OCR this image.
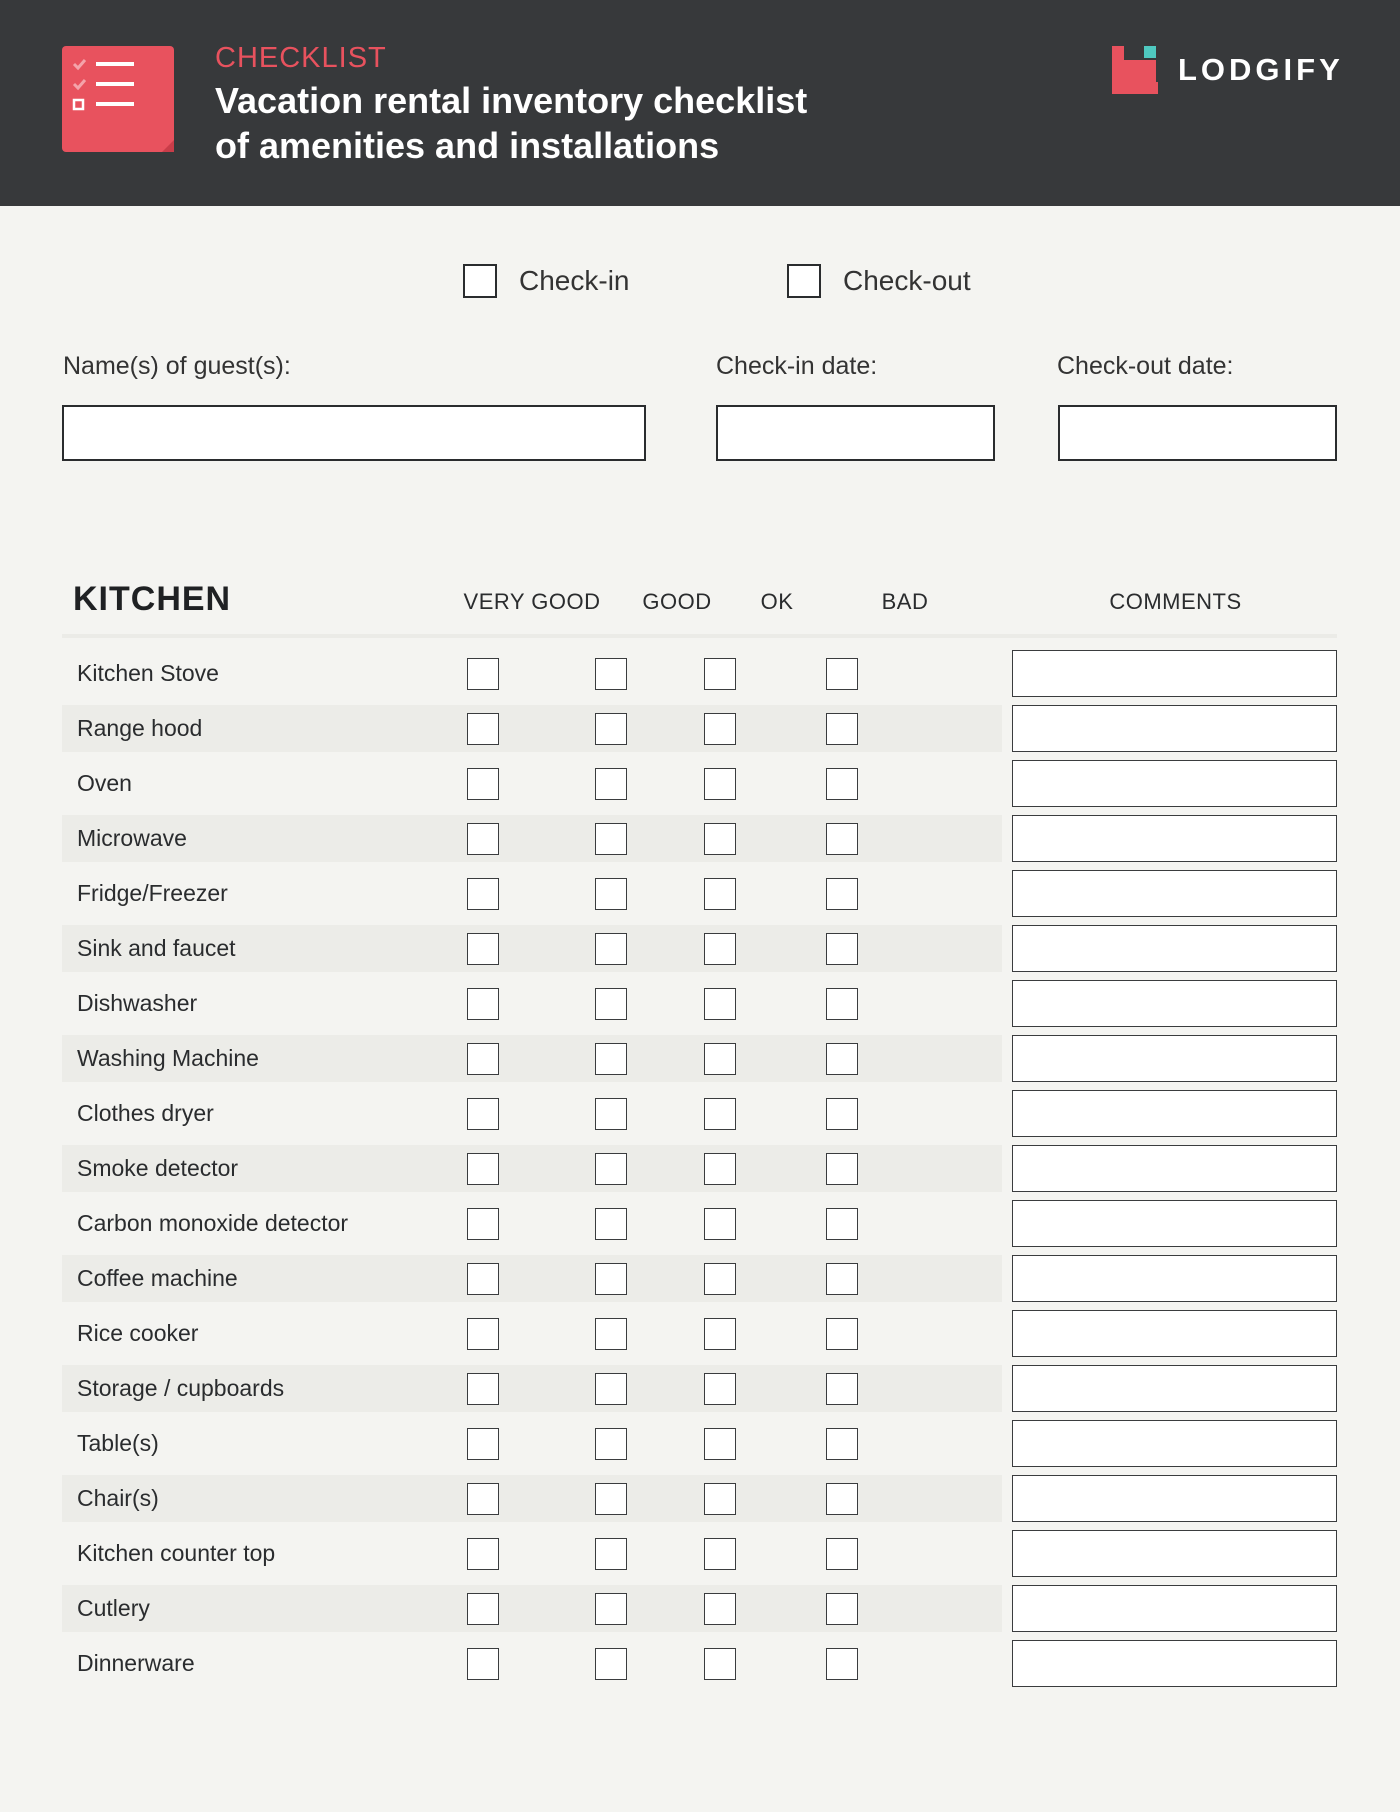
CHECKLIST
Vacation rental inventory checklist
of amenities and installations
LODGIFY
Check-in	Check-out
Name(s) of guest(s):	Check-in date:	Check-out date:
KITCHEN	VERY GOOD	GOOD	OK	BAD	COMMENTS
Kitchen Stove
Range hood
Oven
Microwave
Fridge/Freezer
Sink and faucet
Dishwasher
Washing Machine
Clothes dryer
Smoke detector
Carbon monoxide detector
Coffee machine
Rice cooker
Storage / cupboards
Table(s)
Chair(s)
Kitchen counter top
Cutlery
Dinnerware
